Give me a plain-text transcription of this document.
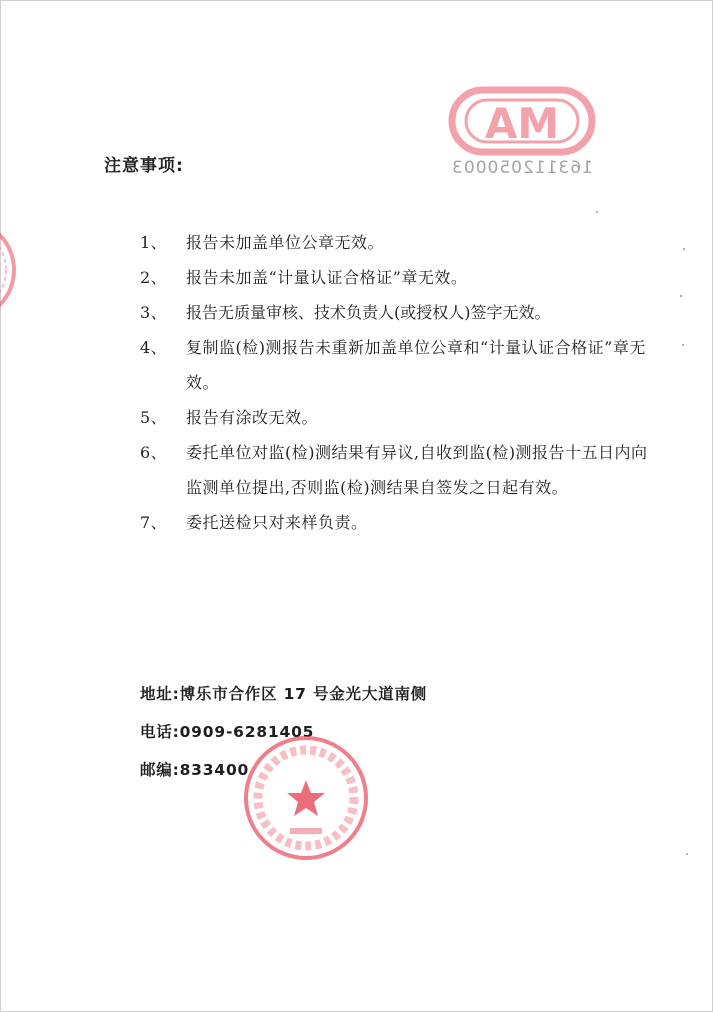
MA
163112050003
注意事项:
1、 报告未加盖单位公章无效。
2、 报告未加盖“计量认证合格证”章无效。
3、 报告无质量审核、技术负责人(或授权人)签字无效。
4、	复制监(检)测报告未重新加盖单位公章和“计量认证合格证”章无效。
5、 报告有涂改无效。
6、 委托单位对监(检)测结果有异议,自收到监(检)测报告十五日内向监测单位提出,否则监(检)测结果自签发之日起有效。
7、 委托送检只对来样负责。
地址:博乐市合作区 17 号金光大道南侧
电话:0909-6281405
邮编:833400
